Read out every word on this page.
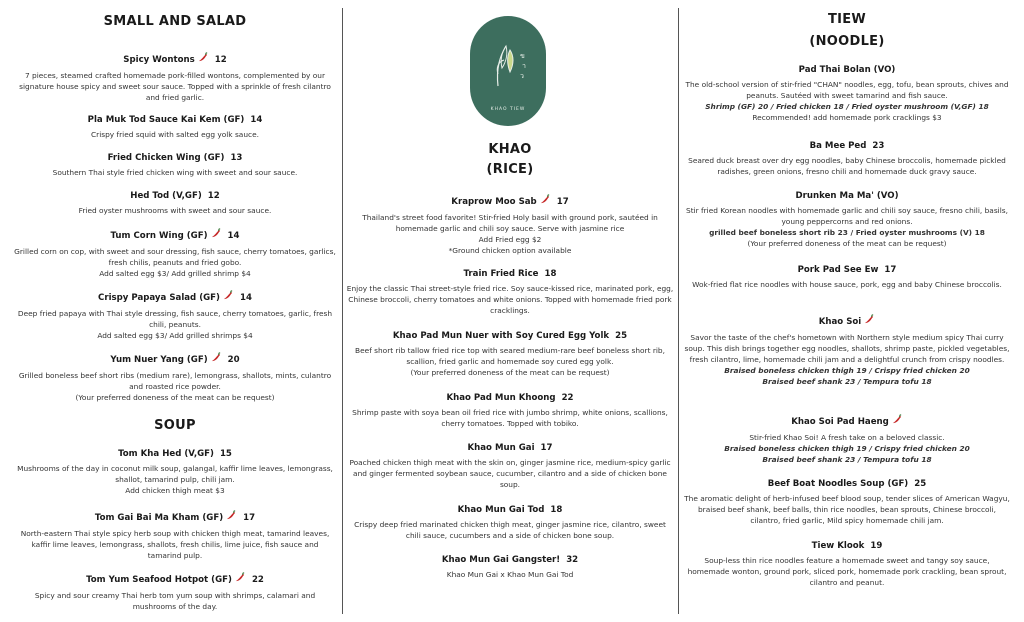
SMALL AND SALAD
Spicy Wontons 12
7 pieces, steamed crafted homemade pork-filled wontons, complemented by our signature house spicy and sweet sour sauce. Topped with a sprinkle of fresh cilantro and fried garlic.
Pla Muk Tod Sauce Kai Kem (GF) 14
Crispy fried squid with salted egg yolk sauce.
Fried Chicken Wing (GF) 13
Southern Thai style fried chicken wing with sweet and sour sauce.
Hed Tod (V,GF) 12
Fried oyster mushrooms with sweet and sour sauce.
Tum Corn Wing (GF) 14
Grilled corn on cop, with sweet and sour dressing, fish sauce, cherry tomatoes, garlics, fresh chilis, peanuts and fried gobo.
Add salted egg $3/ Add grilled shrimp $4
Crispy Papaya Salad (GF) 14
Deep fried papaya with Thai style dressing, fish sauce, cherry tomatoes, garlic, fresh chili, peanuts.
Add salted egg $3/ Add grilled shrimps $4
Yum Nuer Yang (GF) 20
Grilled boneless beef short ribs (medium rare), lemongrass, shallots, mints, culantro and roasted rice powder.
(Your preferred doneness of the meat can be request)
SOUP
Tom Kha Hed (V,GF) 15
Mushrooms of the day in coconut milk soup, galangal, kaffir lime leaves, lemongrass, shallot, tamarind pulp, chili jam.
Add chicken thigh meat $3
Tom Gai Bai Ma Kham (GF) 17
North-eastern Thai style spicy herb soup with chicken thigh meat, tamarind leaves, kaffir lime leaves, lemongrass, shallots, fresh chilis, lime juice, fish sauce and tamarind pulp.
Tom Yum Seafood Hotpot (GF) 22
Spicy and sour creamy Thai herb tom yum soup with shrimps, calamari and mushrooms of the day.
ข
า
ว
KHAO TIEW
KHAO
(RICE)
Kraprow Moo Sab 17
Thailand's street food favorite! Stir-fried Holy basil with ground pork, sautéed in homemade garlic and chili soy sauce. Serve with jasmine rice
Add Fried egg $2
*Ground chicken option available
Train Fried Rice 18
Enjoy the classic Thai street-style fried rice. Soy sauce-kissed rice, marinated pork, egg, Chinese broccoli, cherry tomatoes and white onions. Topped with homemade fried pork cracklings.
Khao Pad Mun Nuer with Soy Cured Egg Yolk 25
Beef short rib tallow fried rice top with seared medium-rare beef boneless short rib, scallion, fried garlic and homemade soy cured egg yolk.
(Your preferred doneness of the meat can be request)
Khao Pad Mun Khoong 22
Shrimp paste with soya bean oil fried rice with jumbo shrimp, white onions, scallions, cherry tomatoes. Topped with tobiko.
Khao Mun Gai 17
Poached chicken thigh meat with the skin on, ginger jasmine rice, medium-spicy garlic and ginger fermented soybean sauce, cucumber, cilantro and a side of chicken bone soup.
Khao Mun Gai Tod 18
Crispy deep fried marinated chicken thigh meat, ginger jasmine rice, cilantro, sweet chili sauce, cucumbers and a side of chicken bone soup.
Khao Mun Gai Gangster! 32
Khao Mun Gai x Khao Mun Gai Tod
TIEW
(NOODLE)
Pad Thai Bolan (VO)
The old-school version of stir-fried "CHAN" noodles, egg, tofu, bean sprouts, chives and peanuts. Sautéed with sweet tamarind and fish sauce.
Shrimp (GF) 20 / Fried chicken 18 / Fried oyster mushroom (V,GF) 18
Recommended! add homemade pork cracklings $3
Ba Mee Ped 23
Seared duck breast over dry egg noodles, baby Chinese broccolis, homemade pickled radishes, green onions, fresno chili and homemade duck gravy sauce.
Drunken Ma Ma' (VO)
Stir fried Korean noodles with homemade garlic and chili soy sauce, fresno chili, basils, young peppercorns and red onions.
grilled beef boneless short rib 23 / Fried oyster mushrooms (V) 18
(Your preferred doneness of the meat can be request)
Pork Pad See Ew 17
Wok-fried flat rice noodles with house sauce, pork, egg and baby Chinese broccolis.
Khao Soi
Savor the taste of the chef's hometown with Northern style medium spicy Thai curry soup. This dish brings together egg noodles, shallots, shrimp paste, pickled vegetables, fresh cilantro, lime, homemade chili jam and a delightful crunch from crispy noodles.
Braised boneless chicken thigh 19 / Crispy fried chicken 20
Braised beef shank 23 / Tempura tofu 18
Khao Soi Pad Haeng
Stir-fried Khao Soi! A fresh take on a beloved classic.
Braised boneless chicken thigh 19 / Crispy fried chicken 20
Braised beef shank 23 / Tempura tofu 18
Beef Boat Noodles Soup (GF) 25
The aromatic delight of herb-infused beef blood soup, tender slices of American Wagyu, braised beef shank, beef balls, thin rice noodles, bean sprouts, Chinese broccoli, cilantro, fried garlic, Mild spicy homemade chili jam.
Tiew Klook 19
Soup-less thin rice noodles feature a homemade sweet and tangy soy sauce, homemade wonton, ground pork, sliced pork, homemade pork crackling, bean sprout, cilantro and peanut.
